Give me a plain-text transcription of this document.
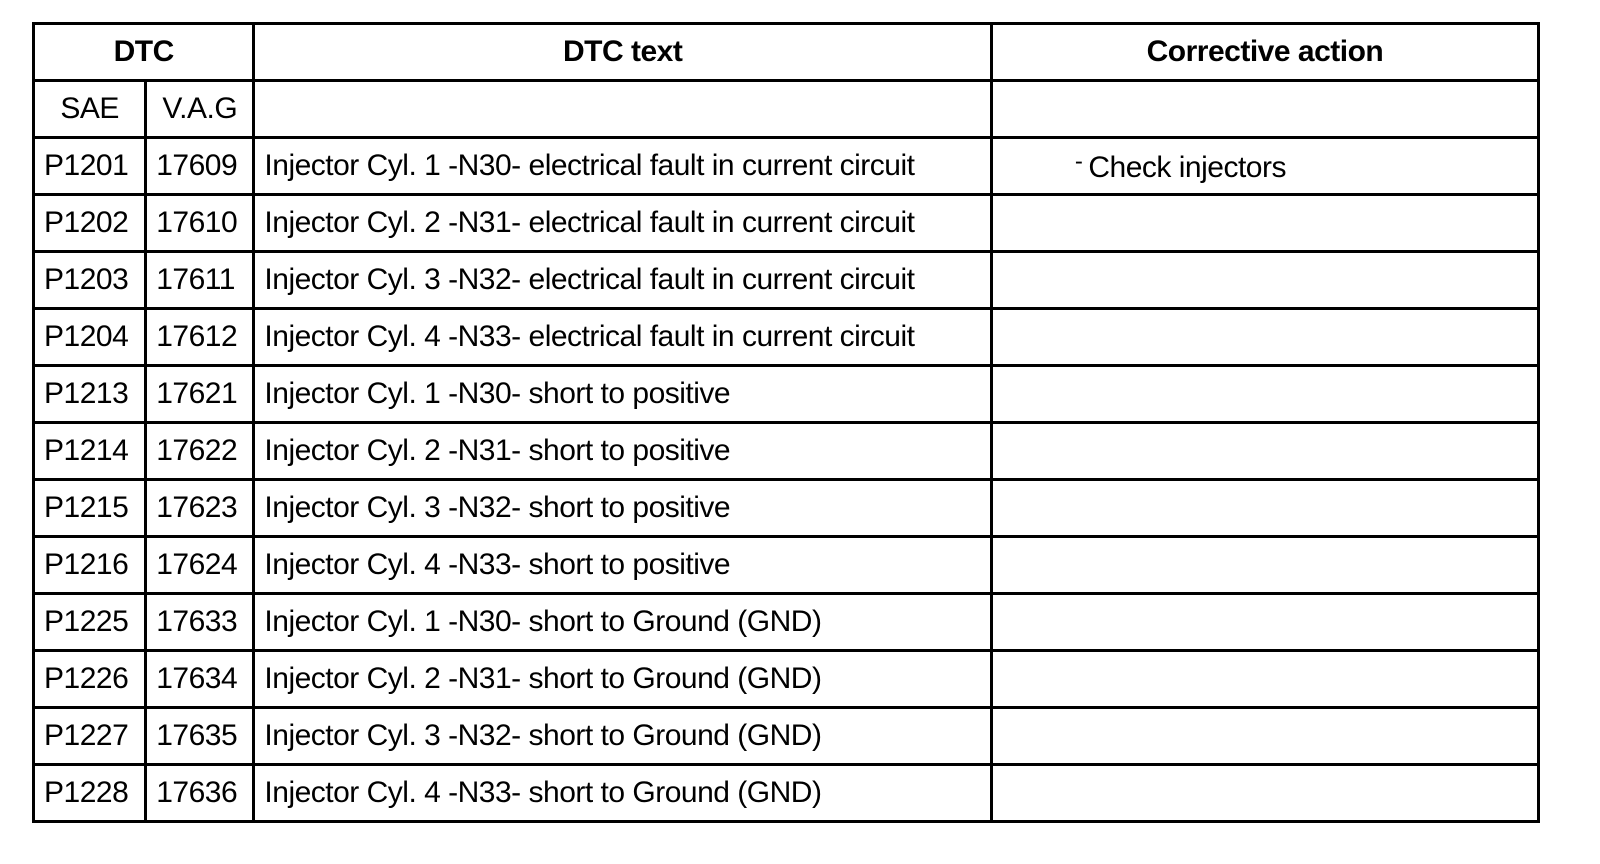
DTC		DTC text	Corrective action
SAE	V.A.G		
P1201	17609	Injector Cyl. 1 -N30- electrical fault in current circuit	- Check injectors
P1202	17610	Injector Cyl. 2 -N31- electrical fault in current circuit	
P1203	17611	Injector Cyl. 3 -N32- electrical fault in current circuit	
P1204	17612	Injector Cyl. 4 -N33- electrical fault in current circuit	
P1213	17621	Injector Cyl. 1 -N30- short to positive	
P1214	17622	Injector Cyl. 2 -N31- short to positive	
P1215	17623	Injector Cyl. 3 -N32- short to positive	
P1216	17624	Injector Cyl. 4 -N33- short to positive	
P1225	17633	Injector Cyl. 1 -N30- short to Ground (GND)	
P1226	17634	Injector Cyl. 2 -N31- short to Ground (GND)	
P1227	17635	Injector Cyl. 3 -N32- short to Ground (GND)	
P1228	17636	Injector Cyl. 4 -N33- short to Ground (GND)	
